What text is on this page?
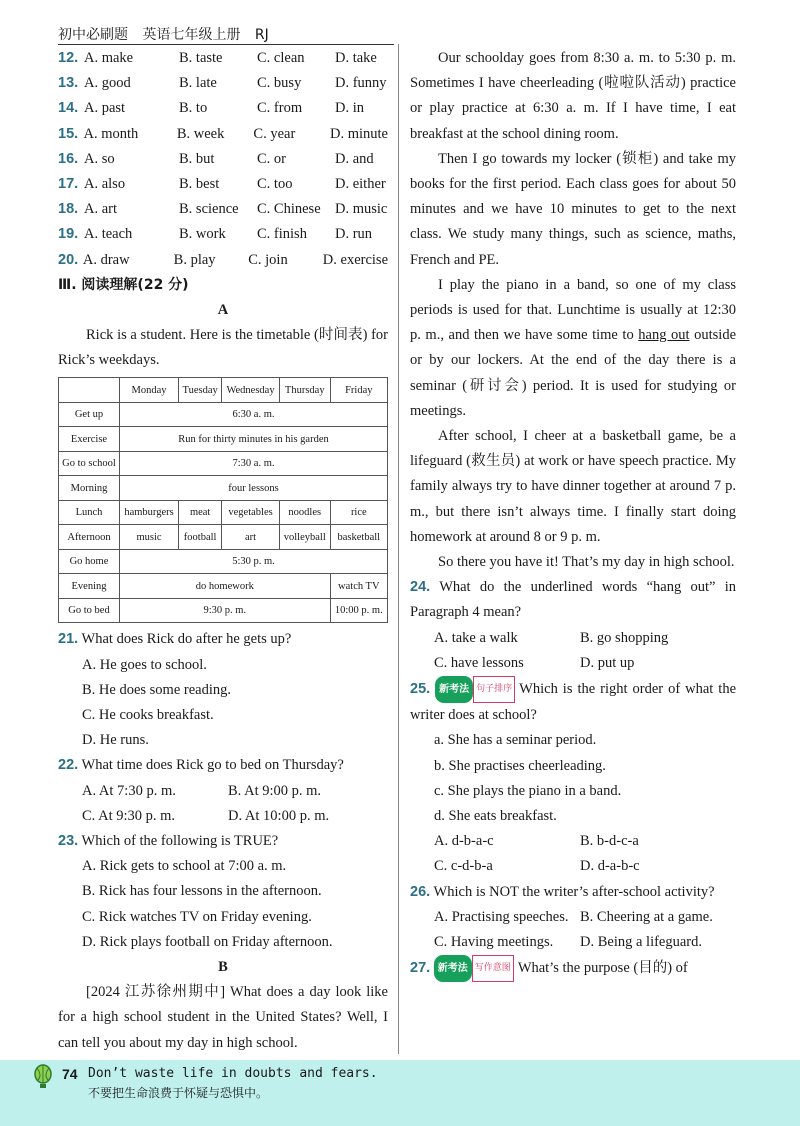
初中必刷题 英语七年级上册 RJ
12. A. make	B. taste	C. clean	D. take
13. A. good	B. late	C. busy	D. funny
14. A. past	B. to	C. from	D. in
15. A. month	B. week	C. year	D. minute
16. A. so	B. but	C. or	D. and
17. A. also	B. best	C. too	D. either
18. A. art	B. science	C. Chinese D. music
19. A. teach	B. work	C. finish	D. run
20. A. draw	B. play	C. join	D. exercise
Ⅲ. 阅读理解(22 分)
A

Rick is a student. Here is the timetable (时间表) for Rick’s weekdays.

	Monday	Tuesday	Wednesday	Thursday	Friday
Get up	6:30 a. m.				
Exercise	Run for thirty minutes in his garden				
Go to school	7:30 a. m.				
Morning	four lessons				
Lunch	hamburgers	meat	vegetables	noodles	rice
Afternoon	music	football	art	volleyball	basketball
Go home	5:30 p. m.				
Evening	do homework				watch TV
Go to bed	9:30 p. m.				10:00 p. m.
21. What does Rick do after he gets up?
A. He goes to school.
B. He does some reading.
C. He cooks breakfast.
D. He runs.
22. What time does Rick go to bed on Thursday?
A. At 7:30 p. m.	B. At 9:00 p. m.
C. At 9:30 p. m.	D. At 10:00 p. m.
23. Which of the following is TRUE?
A. Rick gets to school at 7:00 a. m.
B. Rick has four lessons in the afternoon.
C. Rick watches TV on Friday evening.
D. Rick plays football on Friday afternoon.
B

[2024 江苏徐州期中] What does a day look like for a high school student in the United States? Well, I can tell you about my day in high school.

Our schoolday goes from 8:30 a. m. to 5:30 p. m. Sometimes I have cheerleading (啦啦队活动) practice or play practice at 6:30 a. m. If I have time, I eat breakfast at the school dining room.

Then I go towards my locker (锁柜) and take my books for the first period. Each class goes for about 50 minutes and we have 10 minutes to get to the next class. We study many things, such as science, maths, French and PE.

I play the piano in a band, so one of my class periods is used for that. Lunchtime is usually at 12:30 p. m., and then we have some time to hang out outside or by our lockers. At the end of the day there is a seminar (研讨会) period. It is used for studying or meetings.

After school, I cheer at a basketball game, be a lifeguard (救生员) at work or have speech practice. My family always try to have dinner together at around 7 p. m., but there isn’t always time. I finally start doing homework at around 8 or 9 p. m.

So there you have it! That’s my day in high school.

24. What do the underlined words “hang out” in Paragraph 4 mean?

A. take a walk	B. go shopping
C. have lessons	D. put up

25. 新考法 句子排序 Which is the right order of what the writer does at school?

a. She has a seminar period.
b. She practises cheerleading.
c. She plays the piano in a band.
d. She eats breakfast.
A. d-b-a-c	B. b-d-c-a
C. c-d-b-a	D. d-a-b-c
26. Which is NOT the writer’s after-school activity?
A. Practising speeches. B. Cheering at a game.
C. Having meetings.	D. Being a lifeguard.
27. 新考法 写作意图 What’s the purpose (目的) of
74 Don’t waste life in doubts and fears.
不要把生命浪费于怀疑与恐惧中。
